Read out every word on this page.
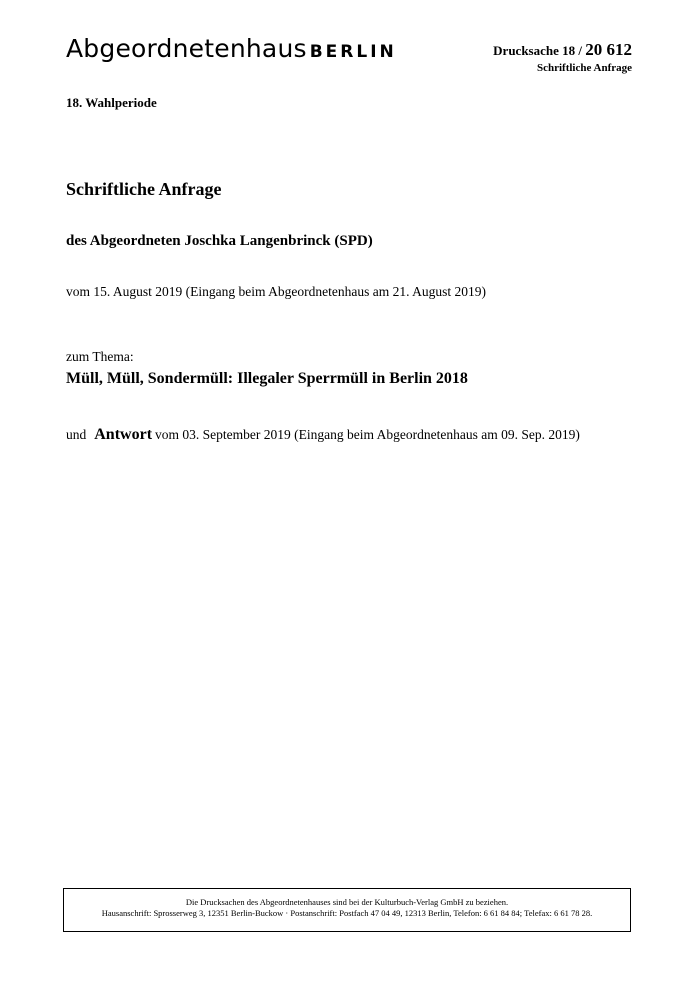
Abgeordnetenhaus BERLIN	Drucksache 18 / 20 612
Schriftliche Anfrage
18. Wahlperiode
Schriftliche Anfrage
des Abgeordneten Joschka Langenbrinck (SPD)
vom 15. August 2019 (Eingang beim Abgeordnetenhaus am 21. August 2019)
zum Thema:
Müll, Müll, Sondermüll: Illegaler Sperrmüll in Berlin 2018
und Antwort vom 03. September 2019 (Eingang beim Abgeordnetenhaus am 09. Sep. 2019)
Die Drucksachen des Abgeordnetenhauses sind bei der Kulturbuch-Verlag GmbH zu beziehen.
Hausanschrift: Sprosserweg 3, 12351 Berlin-Buckow · Postanschrift: Postfach 47 04 49, 12313 Berlin, Telefon: 6 61 84 84; Telefax: 6 61 78 28.
